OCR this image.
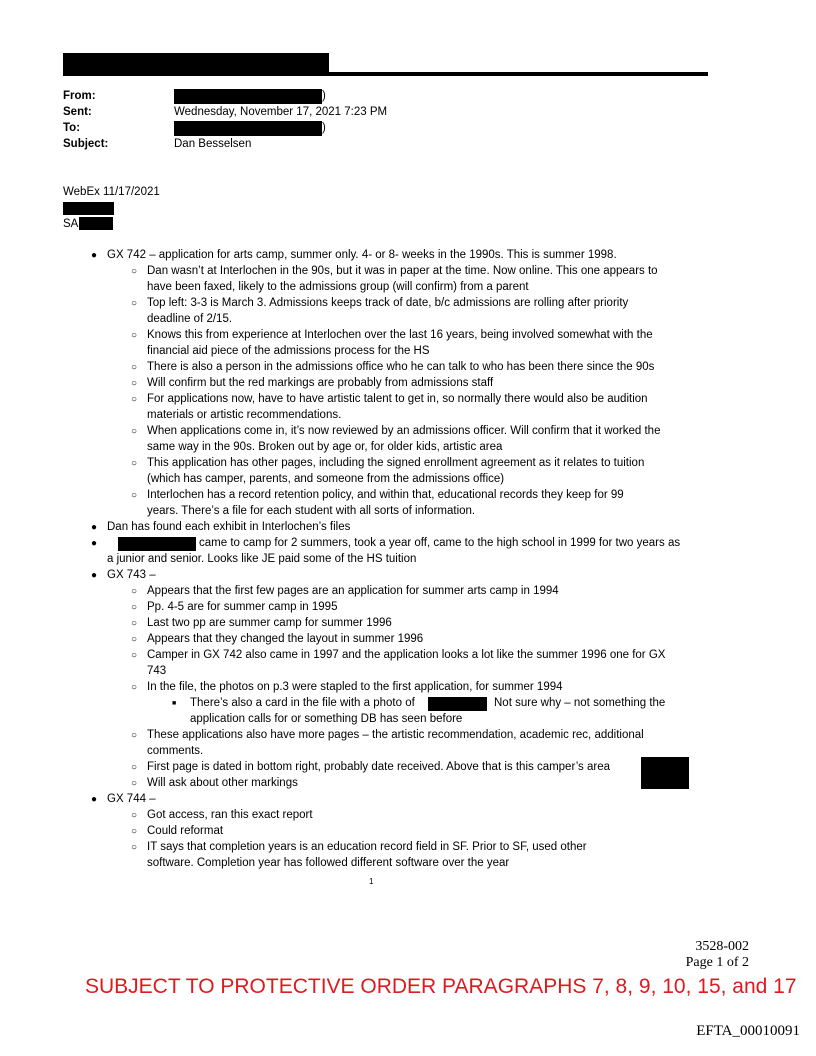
From:	)
Sent:	Wednesday, November 17, 2021 7:23 PM
To:	)
Subject:	Dan Besselsen
WebEx 11/17/2021
SA
● GX 742 – application for arts camp, summer only. 4- or 8- weeks in the 1990s. This is summer 1998.
○ Dan wasn’t at Interlochen in the 90s, but it was in paper at the time. Now online. This one appears to
have been faxed, likely to the admissions group (will confirm) from a parent
○ Top left: 3-3 is March 3. Admissions keeps track of date, b/c admissions are rolling after priority
deadline of 2/15.
○ Knows this from experience at Interlochen over the last 16 years, being involved somewhat with the
financial aid piece of the admissions process for the HS
○ There is also a person in the admissions office who he can talk to who has been there since the 90s
○ Will confirm but the red markings are probably from admissions staff
○ For applications now, have to have artistic talent to get in, so normally there would also be audition
materials or artistic recommendations.
○ When applications come in, it’s now reviewed by an admissions officer. Will confirm that it worked the
same way in the 90s. Broken out by age or, for older kids, artistic area
○ This application has other pages, including the signed enrollment agreement as it relates to tuition
(which has camper, parents, and someone from the admissions office)
○ Interlochen has a record retention policy, and within that, educational records they keep for 99
years. There’s a file for each student with all sorts of information.
● Dan has found each exhibit in Interlochen’s files
●	came to camp for 2 summers, took a year off, came to the high school in 1999 for two years as
a junior and senior. Looks like JE paid some of the HS tuition
● GX 743 –
○ Appears that the first few pages are an application for summer arts camp in 1994
○ Pp. 4-5 are for summer camp in 1995
○ Last two pp are summer camp for summer 1996
○ Appears that they changed the layout in summer 1996
○ Camper in GX 742 also came in 1997 and the application looks a lot like the summer 1996 one for GX
743
○ In the file, the photos on p.3 were stapled to the first application, for summer 1994
■ There’s also a card in the file with a photo of	Not sure why – not something the
application calls for or something DB has seen before
○ These applications also have more pages – the artistic recommendation, academic rec, additional
comments.
○ First page is dated in bottom right, probably date received. Above that is this camper’s area
○ Will ask about other markings
● GX 744 –
○ Got access, ran this exact report
○ Could reformat
○ IT says that completion years is an education record field in SF. Prior to SF, used other
software. Completion year has followed different software over the year
1
3528-002
Page 1 of 2
SUBJECT TO PROTECTIVE ORDER PARAGRAPHS 7, 8, 9, 10, 15, and 17
EFTA_00010091
